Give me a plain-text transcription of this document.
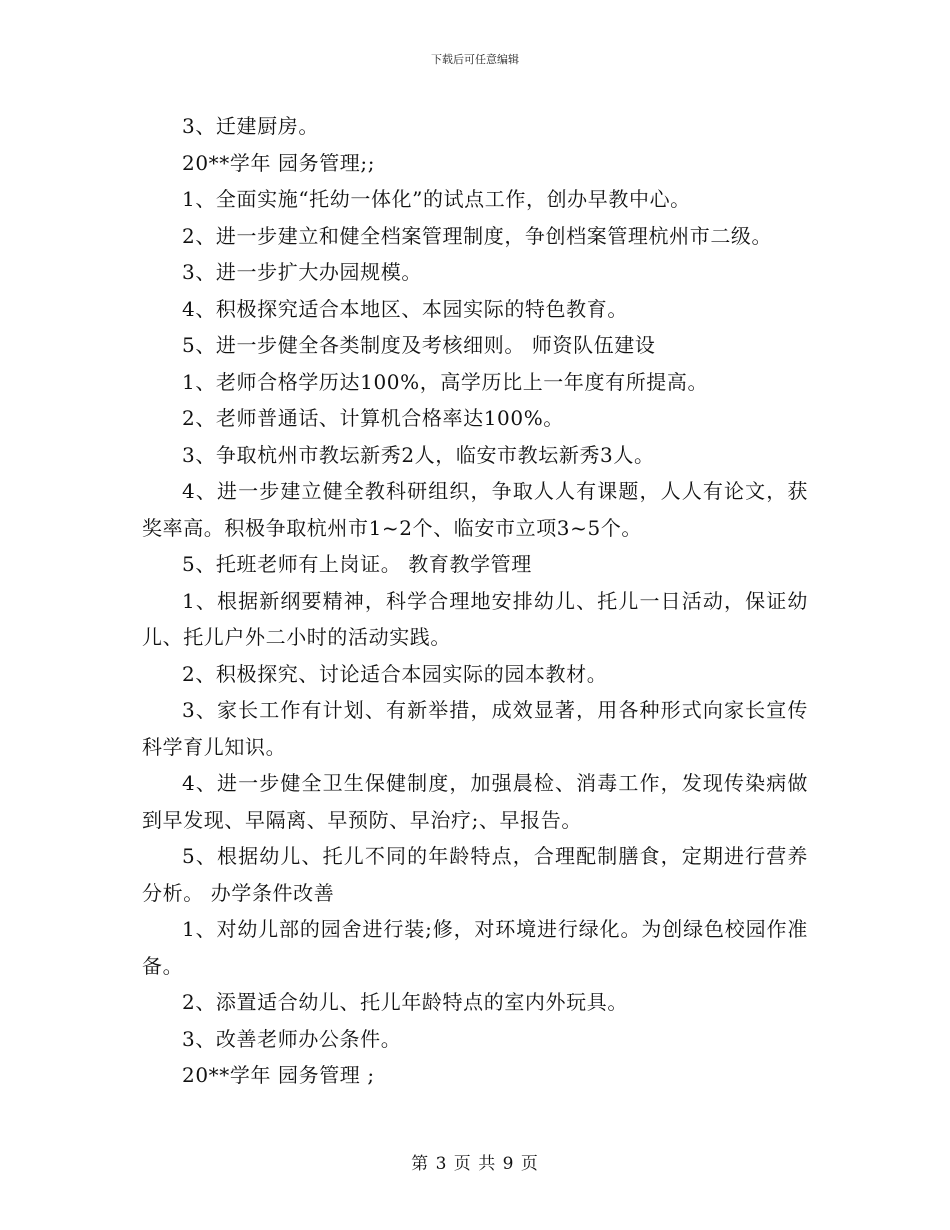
下载后可任意编辑

3、迁建厨房。

20**学年 园务管理;;

1、全面实施“托幼一体化”的试点工作，创办早教中心。

2、进一步建立和健全档案管理制度，争创档案管理杭州市二级。

3、进一步扩大办园规模。

4、积极探究适合本地区、本园实际的特色教育。

5、进一步健全各类制度及考核细则。 师资队伍建设

1、老师合格学历达100%，高学历比上一年度有所提高。

2、老师普通话、计算机合格率达100%。

3、争取杭州市教坛新秀2人，临安市教坛新秀3人。

4、进一步建立健全教科研组织，争取人人有课题，人人有论文，获奖率高。积极争取杭州市1~2个、临安市立项3~5个。

5、托班老师有上岗证。 教育教学管理

1、根据新纲要精神，科学合理地安排幼儿、托儿一日活动，保证幼儿、托儿户外二小时的活动实践。

2、积极探究、讨论适合本园实际的园本教材。

3、家长工作有计划、有新举措，成效显著，用各种形式向家长宣传科学育儿知识。

4、进一步健全卫生保健制度，加强晨检、消毒工作，发现传染病做到早发现、早隔离、早预防、早治疗;、早报告。

5、根据幼儿、托儿不同的年龄特点，合理配制膳食，定期进行营养分析。 办学条件改善

1、对幼儿部的园舍进行装;修，对环境进行绿化。为创绿色校园作准备。

2、添置适合幼儿、托儿年龄特点的室内外玩具。

3、改善老师办公条件。

20**学年 园务管理 ;

第 3 页 共 9 页
